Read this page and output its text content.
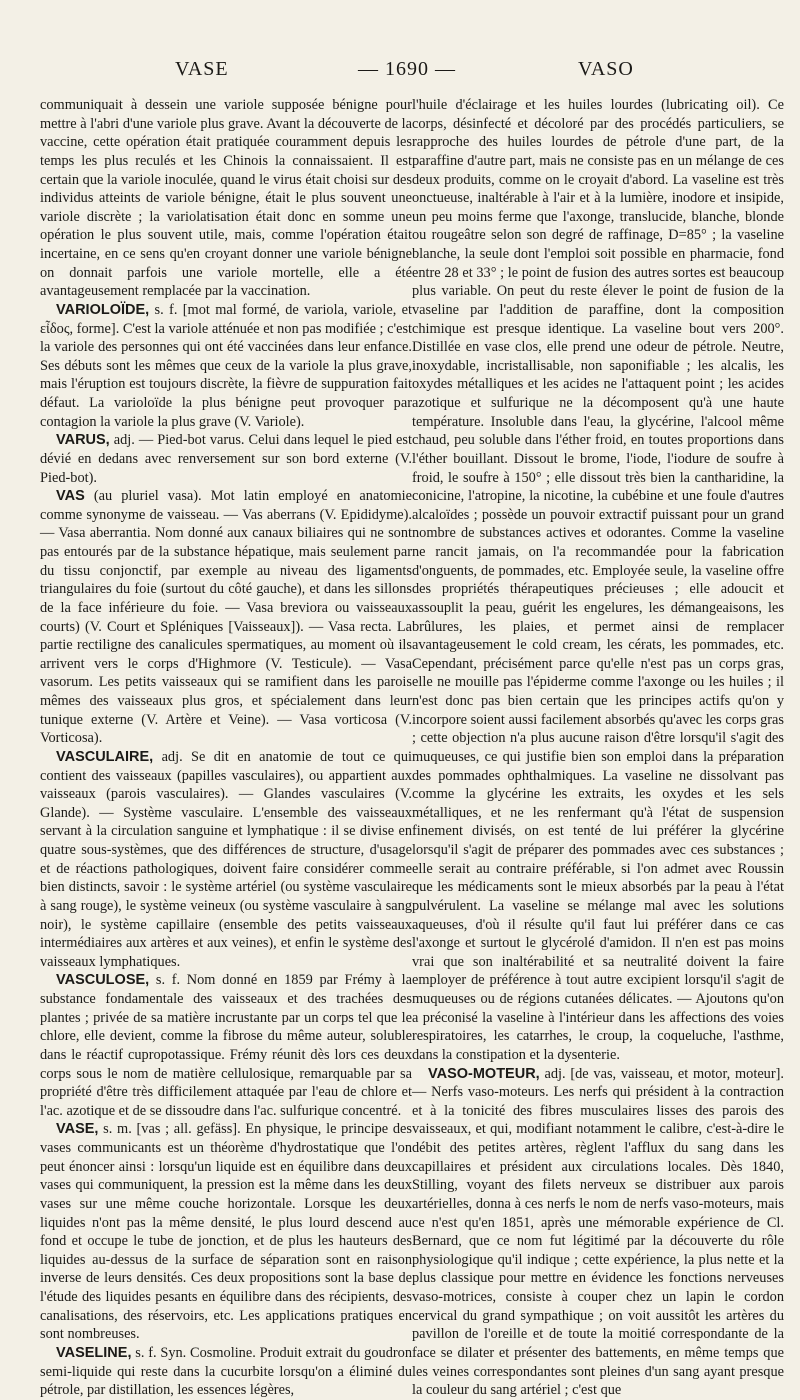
VASE	— 1690 —	VASO

communiquait à dessein une variole supposée bénigne pour mettre à l'abri d'une variole plus grave. Avant la découverte de la vaccine, cette opération était pratiquée couramment depuis les temps les plus reculés et les Chinois la connaissaient. Il est certain que la variole inoculée, quand le virus était choisi sur des individus atteints de variole bénigne, était le plus souvent une variole discrète ; la variolatisation était donc en somme une opération le plus souvent utile, mais, comme l'opération était incertaine, en ce sens qu'en croyant donner une variole bénigne on donnait parfois une variole mortelle, elle a été avantageusement remplacée par la vaccination.

VARIOLOÏDE, s. f. [mot mal formé, de variola, variole, et εἶδος, forme]. C'est la variole atténuée et non pas modifiée ; c'est la variole des personnes qui ont été vaccinées dans leur enfance. Ses débuts sont les mêmes que ceux de la variole la plus grave, mais l'éruption est toujours discrète, la fièvre de suppuration fait défaut. La varioloïde la plus bénigne peut provoquer par contagion la variole la plus grave (V. Variole).

VARUS, adj. — Pied-bot varus. Celui dans lequel le pied est dévié en dedans avec renversement sur son bord externe (V. Pied-bot).

VAS (au pluriel vasa). Mot latin employé en anatomie comme synonyme de vaisseau. — Vas aberrans (V. Epididyme). — Vasa aberrantia. Nom donné aux canaux biliaires qui ne sont pas entourés par de la substance hépatique, mais seulement par du tissu conjonctif, par exemple au niveau des ligaments triangulaires du foie (surtout du côté gauche), et dans les sillons de la face inférieure du foie. — Vasa breviora ou vaisseaux courts) (V. Court et Spléniques [Vaisseaux]). — Vasa recta. La partie rectiligne des canalicules spermatiques, au moment où ils arrivent vers le corps d'Highmore (V. Testicule). — Vasa vasorum. Les petits vaisseaux qui se ramifient dans les parois mêmes des vaisseaux plus gros, et spécialement dans leur tunique externe (V. Artère et Veine). — Vasa vorticosa (V. Vorticosa).

VASCULAIRE, adj. Se dit en anatomie de tout ce qui contient des vaisseaux (papilles vasculaires), ou appartient aux vaisseaux (parois vasculaires). — Glandes vasculaires (V. Glande). — Système vasculaire. L'ensemble des vaisseaux servant à la circulation sanguine et lymphatique : il se divise en quatre sous-systèmes, que des différences de structure, d'usage et de réactions pathologiques, doivent faire considérer comme bien distincts, savoir : le système artériel (ou système vasculaire à sang rouge), le système veineux (ou système vasculaire à sang noir), le système capillaire (ensemble des petits vaisseaux intermédiaires aux artères et aux veines), et enfin le système des vaisseaux lymphatiques.

VASCULOSE, s. f. Nom donné en 1859 par Frémy à la substance fondamentale des vaisseaux et des trachées des plantes ; privée de sa matière incrustante par un corps tel que le chlore, elle devient, comme la fibrose du même auteur, soluble dans le réactif cupropotassique. Frémy réunit dès lors ces deux corps sous le nom de matière cellulosique, remarquable par sa propriété d'être très difficilement attaquée par l'eau de chlore et l'ac. azotique et de se dissoudre dans l'ac. sulfurique concentré.

VASE, s. m. [vas ; all. gefäss]. En physique, le principe des vases communicants est un théorème d'hydrostatique que l'on peut énoncer ainsi : lorsqu'un liquide est en équilibre dans deux vases qui communiquent, la pression est la même dans les deux vases sur une même couche horizontale. Lorsque les deux liquides n'ont pas la même densité, le plus lourd descend au fond et occupe le tube de jonction, et de plus les hauteurs des liquides au-dessus de la surface de séparation sont en raison inverse de leurs densités. Ces deux propositions sont la base de l'étude des liquides pesants en équilibre dans des récipients, des canalisations, des réservoirs, etc. Les applications pratiques en sont nombreuses.

VASELINE, s. f. Syn. Cosmoline. Produit extrait du goudron semi-liquide qui reste dans la cucurbite lorsqu'on a éliminé du pétrole, par distillation, les essences légères,

l'huile d'éclairage et les huiles lourdes (lubricating oil). Ce corps, désinfecté et décoloré par des procédés particuliers, se rapproche des huiles lourdes de pétrole d'une part, de la paraffine d'autre part, mais ne consiste pas en un mélange de ces deux produits, comme on le croyait d'abord. La vaseline est très onctueuse, inaltérable à l'air et à la lumière, inodore et insipide, un peu moins ferme que l'axonge, translucide, blanche, blonde ou rougeâtre selon son degré de raffinage, D=85° ; la vaseline blanche, la seule dont l'emploi soit possible en pharmacie, fond entre 28 et 33° ; le point de fusion des autres sortes est beaucoup plus variable. On peut du reste élever le point de fusion de la vaseline par l'addition de paraffine, dont la composition chimique est presque identique. La vaseline bout vers 200°. Distillée en vase clos, elle prend une odeur de pétrole. Neutre, inoxydable, incristallisable, non saponifiable ; les alcalis, les oxydes métalliques et les acides ne l'attaquent point ; les acides azotique et sulfurique ne la décomposent qu'à une haute température. Insoluble dans l'eau, la glycérine, l'alcool même chaud, peu soluble dans l'éther froid, en toutes proportions dans l'éther bouillant. Dissout le brome, l'iode, l'iodure de soufre à froid, le soufre à 150° ; elle dissout très bien la cantharidine, la conicine, l'atropine, la nicotine, la cubébine et une foule d'autres alcaloïdes ; possède un pouvoir extractif puissant pour un grand nombre de substances actives et odorantes. Comme la vaseline ne rancit jamais, on l'a recommandée pour la fabrication d'onguents, de pommades, etc. Employée seule, la vaseline offre des propriétés thérapeutiques précieuses ; elle adoucit et assouplit la peau, guérit les engelures, les démangeaisons, les brûlures, les plaies, et permet ainsi de remplacer avantageusement le cold cream, les cérats, les pommades, etc. Cependant, précisément parce qu'elle n'est pas un corps gras, elle ne mouille pas l'épiderme comme l'axonge ou les huiles ; il n'est donc pas bien certain que les principes actifs qu'on y incorpore soient aussi facilement absorbés qu'avec les corps gras ; cette objection n'a plus aucune raison d'être lorsqu'il s'agit des muqueuses, ce qui justifie bien son emploi dans la préparation des pommades ophthalmiques. La vaseline ne dissolvant pas comme la glycérine les extraits, les oxydes et les sels métalliques, et ne les renfermant qu'à l'état de suspension finement divisés, on est tenté de lui préférer la glycérine lorsqu'il s'agit de préparer des pommades avec ces substances ; elle serait au contraire préférable, si l'on admet avec Roussin que les médicaments sont le mieux absorbés par la peau à l'état pulvérulent. La vaseline se mélange mal avec les solutions aqueuses, d'où il résulte qu'il faut lui préférer dans ce cas l'axonge et surtout le glycérolé d'amidon. Il n'en est pas moins vrai que son inaltérabilité et sa neutralité doivent la faire employer de préférence à tout autre excipient lorsqu'il s'agit de muqueuses ou de régions cutanées délicates. — Ajoutons qu'on a préconisé la vaseline à l'intérieur dans les affections des voies respiratoires, les catarrhes, le croup, la coqueluche, l'asthme, dans la constipation et la dysenterie.

VASO-MOTEUR, adj. [de vas, vaisseau, et motor, moteur]. — Nerfs vaso-moteurs. Les nerfs qui président à la contraction et à la tonicité des fibres musculaires lisses des parois des vaisseaux, et qui, modifiant notamment le calibre, c'est-à-dire le débit des petites artères, règlent l'afflux du sang dans les capillaires et président aux circulations locales. Dès 1840, Stilling, voyant des filets nerveux se distribuer aux parois artérielles, donna à ces nerfs le nom de nerfs vaso-moteurs, mais ce n'est qu'en 1851, après une mémorable expérience de Cl. Bernard, que ce nom fut légitimé par la découverte du rôle physiologique qu'il indique ; cette expérience, la plus nette et la plus classique pour mettre en évidence les fonctions nerveuses vaso-motrices, consiste à couper chez un lapin le cordon cervical du grand sympathique ; on voit aussitôt les artères du pavillon de l'oreille et de toute la moitié correspondante de la face se dilater et présenter des battements, en même temps que les veines correspondantes sont pleines d'un sang ayant presque la couleur du sang artériel ; c'est que
